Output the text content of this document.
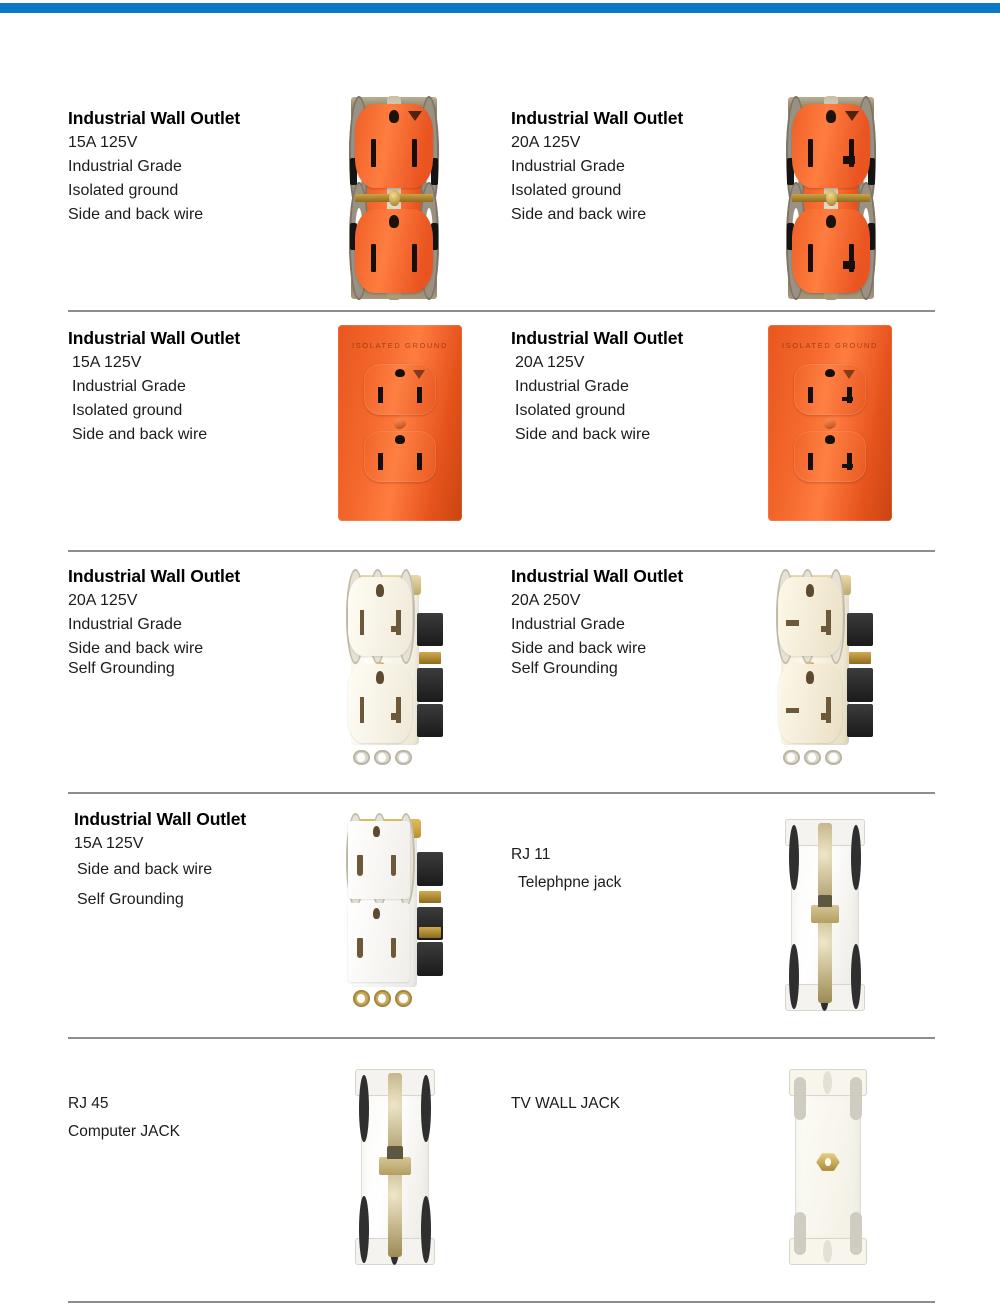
Industrial Wall Outlet

15A 125V

Industrial Grade

Isolated ground

Side and back wire

Industrial Wall Outlet

20A 125V

Industrial Grade

Isolated ground

Side and back wire

Industrial Wall Outlet

15A 125V

Industrial Grade

Isolated ground

Side and back wire

ISOLATED GROUND	Industrial Wall Outlet

20A 125V

Industrial Grade

Isolated ground

Side and back wire

ISOLATED GROUND

Industrial Wall Outlet

20A 125V

Industrial Grade

Side and back wire

Self Grounding

Industrial Wall Outlet

20A 250V

Industrial Grade

Side and back wire

Self Grounding

Industrial Wall Outlet

15A 125V

Side and back wire

Self Grounding

RJ 11

Telephpne jack

RJ 45

Computer JACK

TV WALL JACK
